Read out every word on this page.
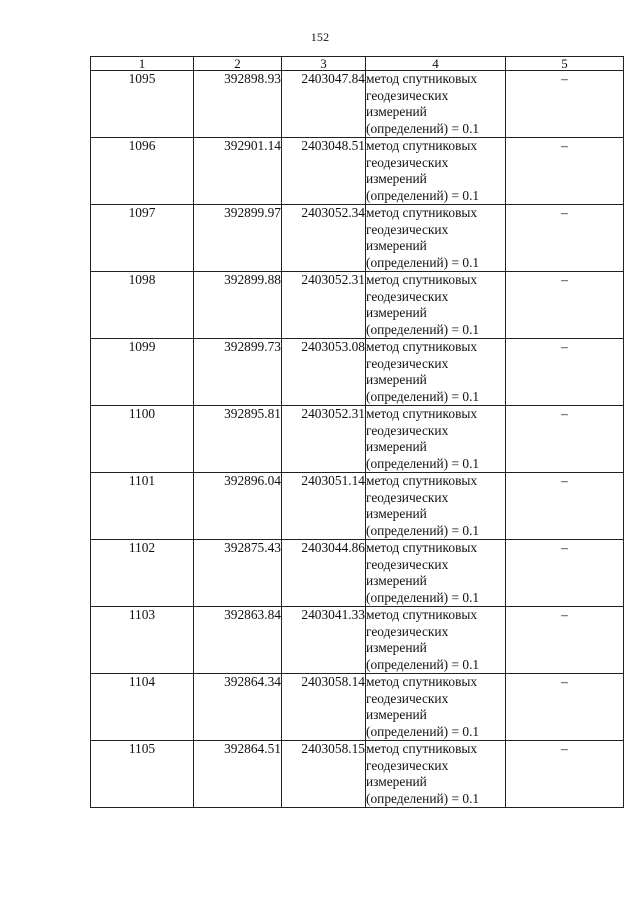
152
1	2	3	4	5
1095	392898.93	2403047.84	метод спутниковых
геодезических
измерений
(определений) = 0.1	–
1096	392901.14	2403048.51	метод спутниковых
геодезических
измерений
(определений) = 0.1	–
1097	392899.97	2403052.34	метод спутниковых
геодезических
измерений
(определений) = 0.1	–
1098	392899.88	2403052.31	метод спутниковых
геодезических
измерений
(определений) = 0.1	–
1099	392899.73	2403053.08	метод спутниковых
геодезических
измерений
(определений) = 0.1	–
1100	392895.81	2403052.31	метод спутниковых
геодезических
измерений
(определений) = 0.1	–
1101	392896.04	2403051.14	метод спутниковых
геодезических
измерений
(определений) = 0.1	–
1102	392875.43	2403044.86	метод спутниковых
геодезических
измерений
(определений) = 0.1	–
1103	392863.84	2403041.33	метод спутниковых
геодезических
измерений
(определений) = 0.1	–
1104	392864.34	2403058.14	метод спутниковых
геодезических
измерений
(определений) = 0.1	–
1105	392864.51	2403058.15	метод спутниковых
геодезических
измерений
(определений) = 0.1	–
